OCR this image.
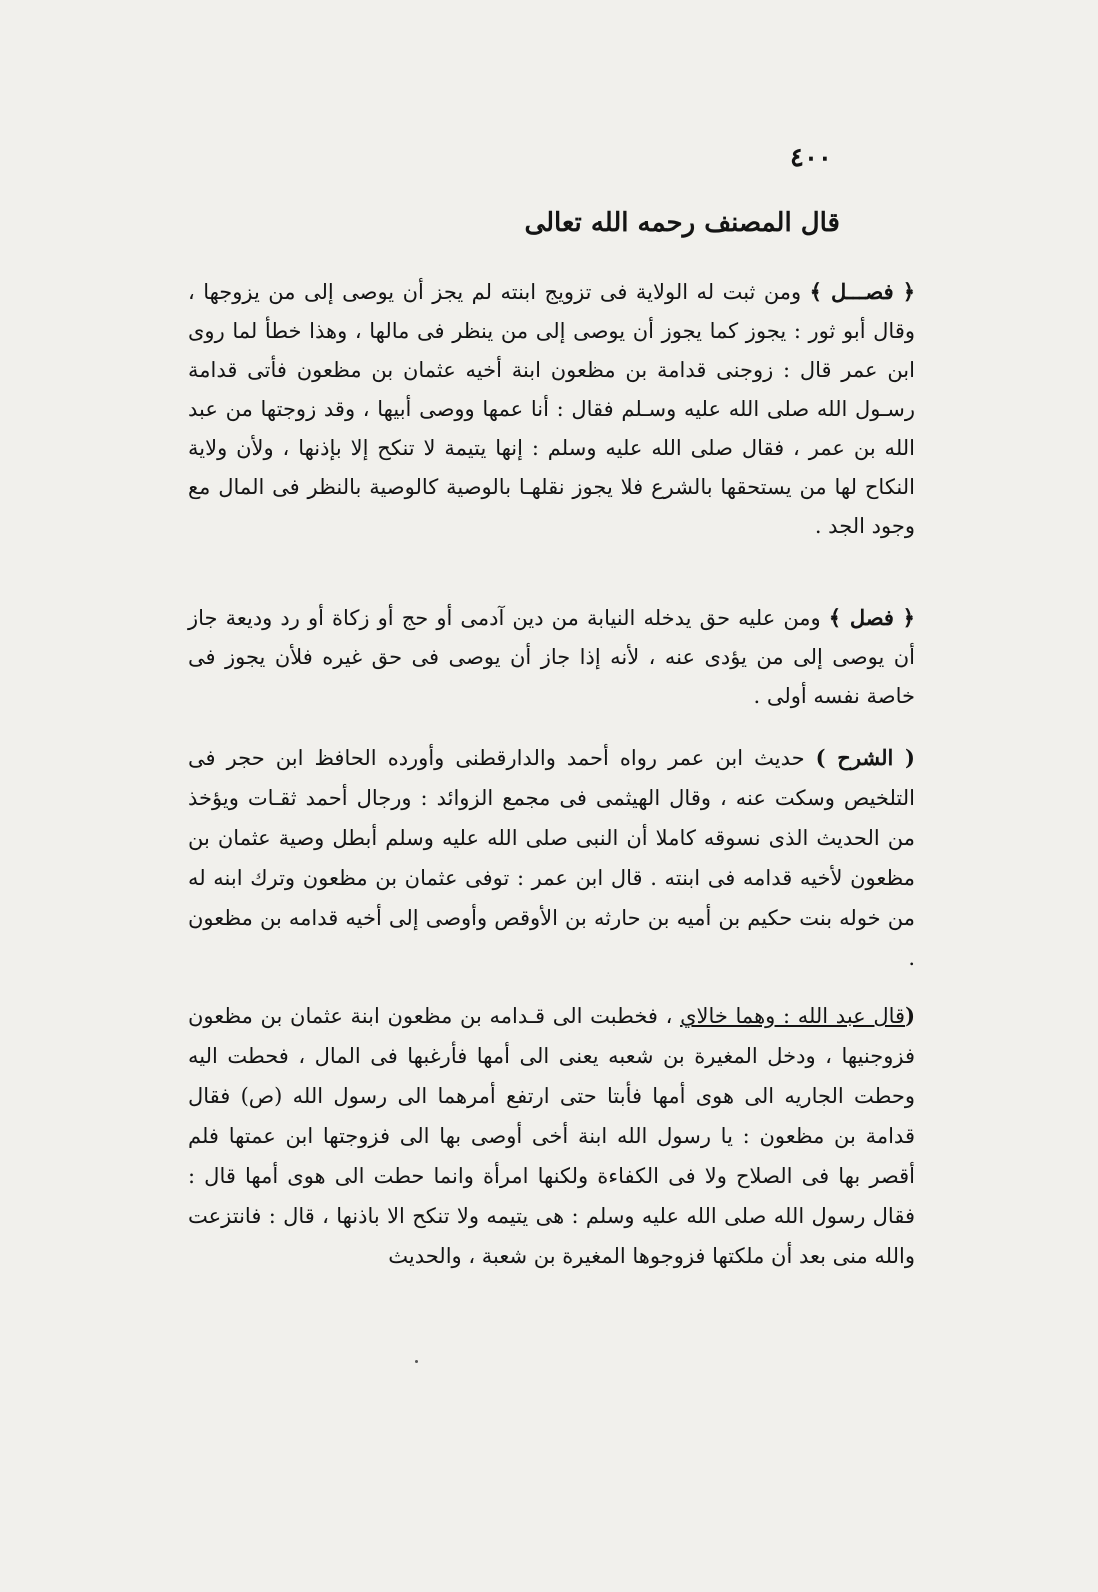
٤٠٠
قال المصنف رحمه الله تعالى

﴿ فصـــل ﴾ ومن ثبت له الولاية فى تزويج ابنته لم يجز أن يوصى إلى من يزوجها ، وقال أبو ثور : يجوز كما يجوز أن يوصى إلى من ينظر فى مالها ، وهذا خطأ لما روى ابن عمر قال : زوجنى قدامة بن مظعون ابنة أخيه عثمان بن مظعون فأتى قدامة رسـول الله صلى الله عليه وسـلم فقال : أنا عمها ووصى أبيها ، وقد زوجتها من عبد الله بن عمر ، فقال صلى الله عليه وسلم : إنها يتيمة لا تنكح إلا بإذنها ، ولأن ولاية النكاح لها من يستحقها بالشرع فلا يجوز نقلهـا بالوصية كالوصية بالنظر فى المال مع وجود الجد .

﴿ فصل ﴾ ومن عليه حق يدخله النيابة من دين آدمى أو حج أو زكاة أو رد وديعة جاز أن يوصى إلى من يؤدى عنه ، لأنه إذا جاز أن يوصى فى حق غيره فلأن يجوز فى خاصة نفسه أولى .

( الشرح ) حديث ابن عمر رواه أحمد والدارقطنى وأورده الحافظ ابن حجر فى التلخيص وسكت عنه ، وقال الهيثمى فى مجمع الزوائد : ورجال أحمد ثقـات ويؤخذ من الحديث الذى نسوقه كاملا أن النبى صلى الله عليه وسلم أبطل وصية عثمان بن مظعون لأخيه قدامه فى ابنته . قال ابن عمر : توفى عثمان بن مظعون وترك ابنه له من خوله بنت حكيم بن أميه بن حارثه بن الأوقص وأوصى إلى أخيه قدامه بن مظعون .

(قال عبد الله : وهما خالاي ، فخطبت الى قـدامه بن مظعون ابنة عثمان بن مظعون فزوجنيها ، ودخل المغيرة بن شعبه يعنى الى أمها فأرغبها فى المال ، فحطت اليه وحطت الجاريه الى هوى أمها فأبتا حتى ارتفع أمرهما الى رسول الله (ص) فقال قدامة بن مظعون : يا رسول الله ابنة أخى أوصى بها الى فزوجتها ابن عمتها فلم أقصر بها فى الصلاح ولا فى الكفاءة ولكنها امرأة وانما حطت الى هوى أمها قال : فقال رسول الله صلى الله عليه وسلم : هى يتيمه ولا تنكح الا باذنها ، قال : فانتزعت والله منى بعد أن ملكتها فزوجوها المغيرة بن شعبة ، والحديث
